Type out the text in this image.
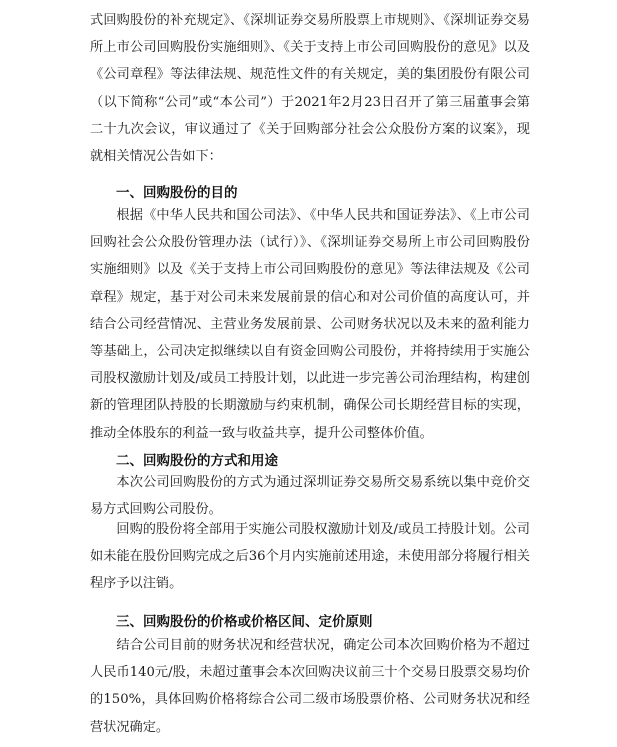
式回购股份的补充规定》、《深圳证券交易所股票上市规则》、《深圳证券交易所上市公司回购股份实施细则》、《关于支持上市公司回购股份的意见》以及《公司章程》等法律法规、规范性文件的有关规定，美的集团股份有限公司（以下简称“公司”或“本公司”）于2021年2月23日召开了第三届董事会第二十九次会议，审议通过了《关于回购部分社会公众股份方案的议案》，现就相关情况公告如下：

一、回购股份的目的

根据《中华人民共和国公司法》、《中华人民共和国证券法》、《上市公司回购社会公众股份管理办法（试行）》、《深圳证券交易所上市公司回购股份实施细则》以及《关于支持上市公司回购股份的意见》等法律法规及《公司章程》规定，基于对公司未来发展前景的信心和对公司价值的高度认可，并结合公司经营情况、主营业务发展前景、公司财务状况以及未来的盈利能力等基础上，公司决定拟继续以自有资金回购公司股份，并将持续用于实施公司股权激励计划及/或员工持股计划，以此进一步完善公司治理结构，构建创新的管理团队持股的长期激励与约束机制，确保公司长期经营目标的实现，推动全体股东的利益一致与收益共享，提升公司整体价值。

二、回购股份的方式和用途

本次公司回购股份的方式为通过深圳证券交易所交易系统以集中竞价交易方式回购公司股份。

回购的股份将全部用于实施公司股权激励计划及/或员工持股计划。公司如未能在股份回购完成之后36个月内实施前述用途，未使用部分将履行相关程序予以注销。

三、回购股份的价格或价格区间、定价原则

结合公司目前的财务状况和经营状况，确定公司本次回购价格为不超过人民币140元/股，未超过董事会本次回购决议前三十个交易日股票交易均价的150%，具体回购价格将综合公司二级市场股票价格、公司财务状况和经营状况确定。
